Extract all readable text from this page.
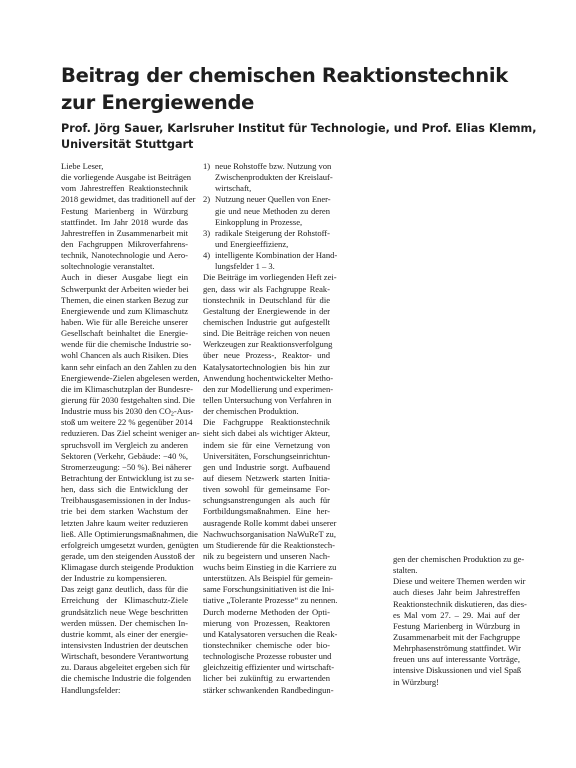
Beitrag der chemischen Reaktionstechnik
zur Energiewende

Prof. Jörg Sauer, Karlsruher Institut für Technologie, und Prof. Elias Klemm,
Universität Stuttgart

Liebe Leser,
die vorliegende Ausgabe ist Beiträgen
vom Jahrestreffen Reaktionstechnik
2018 gewidmet, das traditionell auf der
Festung Marienberg in Würzburg
stattfindet. Im Jahr 2018 wurde das
Jahrestreffen in Zusammenarbeit mit
den Fachgruppen Mikroverfahrens-
technik, Nanotechnologie und Aero-
soltechnologie veranstaltet.
Auch in dieser Ausgabe liegt ein
Schwerpunkt der Arbeiten wieder bei
Themen, die einen starken Bezug zur
Energiewende und zum Klimaschutz
haben. Wie für alle Bereiche unserer
Gesellschaft beinhaltet die Energie-
wende für die chemische Industrie so-
wohl Chancen als auch Risiken. Dies
kann sehr einfach an den Zahlen zu den
Energiewende-Zielen abgelesen werden,
die im Klimaschutzplan der Bundesre-
gierung für 2030 festgehalten sind. Die
Industrie muss bis 2030 den $CO_2-Aus-$
stoß um weitere 22 % gegenüber 2014
reduzieren. Das Ziel scheint weniger an-
spruchsvoll im Vergleich zu anderen
Sektoren (Verkehr, Gebäude: −40 %,
Stromerzeugung: −50 %). Bei näherer
Betrachtung der Entwicklung ist zu se-
hen, dass sich die Entwicklung der
Treibhausgasemissionen in der Indus-
trie bei dem starken Wachstum der
letzten Jahre kaum weiter reduzieren
ließ. Alle Optimierungsmaßnahmen, die
erfolgreich umgesetzt wurden, genügten
gerade, um den steigenden Ausstoß der
Klimagase durch steigende Produktion
der Industrie zu kompensieren.
Das zeigt ganz deutlich, dass für die
Erreichung der Klimaschutz-Ziele
grundsätzlich neue Wege beschritten
werden müssen. Der chemischen In-
dustrie kommt, als einer der energie-
intensivsten Industrien der deutschen
Wirtschaft, besondere Verantwortung
zu. Daraus abgeleitet ergeben sich für
die chemische Industrie die folgenden
Handlungsfelder:
1) neue Rohstoffe bzw. Nutzung von
Zwischenprodukten der Kreislauf-
wirtschaft,
2) Nutzung neuer Quellen von Ener-
gie und neue Methoden zu deren
Einkopplung in Prozesse,
3) radikale Steigerung der Rohstoff-
und Energieeffizienz,
4) intelligente Kombination der Hand-
lungsfelder 1 – 3.
Die Beiträge im vorliegenden Heft zei-
gen, dass wir als Fachgruppe Reak-
tionstechnik in Deutschland für die
Gestaltung der Energiewende in der
chemischen Industrie gut aufgestellt
sind. Die Beiträge reichen von neuen
Werkzeugen zur Reaktionsverfolgung
über neue Prozess-, Reaktor- und
Katalysatortechnologien bis hin zur
Anwendung hochentwickelter Metho-
den zur Modellierung und experimen-
tellen Untersuchung von Verfahren in
der chemischen Produktion.
Die Fachgruppe Reaktionstechnik
sieht sich dabei als wichtiger Akteur,
indem sie für eine Vernetzung von
Universitäten, Forschungseinrichtun-
gen und Industrie sorgt. Aufbauend
auf diesem Netzwerk starten Initia-
tiven sowohl für gemeinsame For-
schungsanstrengungen als auch für
Fortbildungsmaßnahmen. Eine her-
ausragende Rolle kommt dabei unserer
Nachwuchsorganisation NaWuReT zu,
um Studierende für die Reaktionstech-
nik zu begeistern und unseren Nach-
wuchs beim Einstieg in die Karriere zu
unterstützen. Als Beispiel für gemein-
same Forschungsinitiativen ist die Ini-
tiative „Tolerante Prozesse“ zu nennen.
Durch moderne Methoden der Opti-
mierung von Prozessen, Reaktoren
und Katalysatoren versuchen die Reak-
tionstechniker chemische oder bio-
technologische Prozesse robuster und
gleichzeitig effizienter und wirtschaft-
licher bei zukünftig zu erwartenden
stärker schwankenden Randbedingun-
gen der chemischen Produktion zu ge-
stalten.
Diese und weitere Themen werden wir
auch dieses Jahr beim Jahrestreffen
Reaktionstechnik diskutieren, das dies-
es Mal vom 27. – 29. Mai auf der
Festung Marienberg in Würzburg in
Zusammenarbeit mit der Fachgruppe
Mehrphasenströmung stattfindet. Wir
freuen uns auf interessante Vorträge,
intensive Diskussionen und viel Spaß
in Würzburg!
